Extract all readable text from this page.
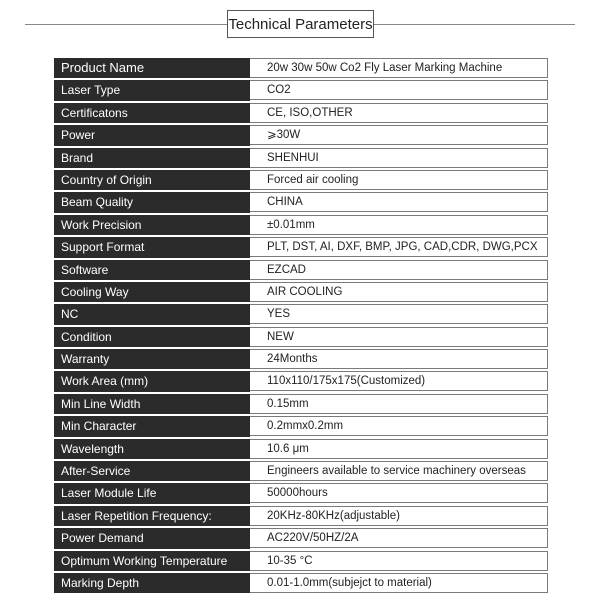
Technical Parameters
Product Name	20w 30w 50w Co2 Fly Laser Marking Machine
Laser Type	CO2
Certificatons	CE, ISO,OTHER
Power	⩾30W
Brand	SHENHUI
Country of Origin	Forced air cooling
Beam Quality	CHINA
Work Precision	±0.01mm
Support Format	PLT, DST, AI, DXF, BMP, JPG, CAD,CDR, DWG,PCX
Software	EZCAD
Cooling Way	AIR COOLING
NC	YES
Condition	NEW
Warranty	24Months
Work Area (mm)	110x110/175x175(Customized)
Min Line Width	0.15mm
Min Character	0.2mmx0.2mm
Wavelength	10.6 μm
After-Service	Engineers available to service machinery overseas
Laser Module Life	50000hours
Laser Repetition Frequency:	20KHz-80KHz(adjustable)
Power Demand	AC220V/50HZ/2A
Optimum Working Temperature	10-35 °C
Marking Depth	0.01-1.0mm(subjejct to material)
